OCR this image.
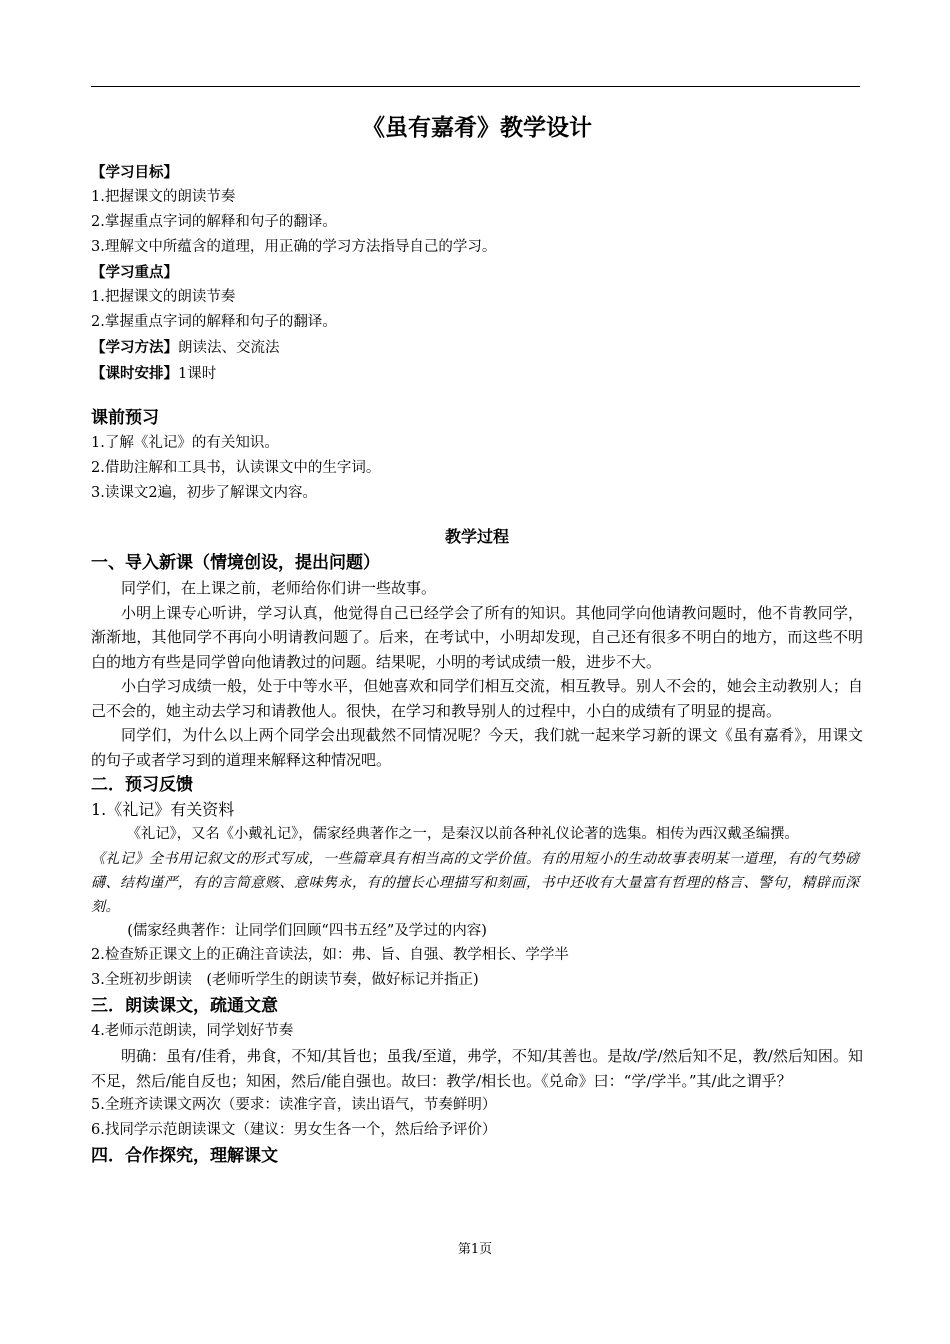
《虽有嘉肴》教学设计

【学习目标】

1.把握课文的朗读节奏

2.掌握重点字词的解释和句子的翻译。

3.理解文中所蕴含的道理，用正确的学习方法指导自己的学习。

【学习重点】

1.把握课文的朗读节奏

2.掌握重点字词的解释和句子的翻译。

【学习方法】朗读法、交流法

【课时安排】1课时

课前预习

1.了解《礼记》的有关知识。

2.借助注解和工具书，认读课文中的生字词。

3.读课文2遍，初步了解课文内容。

教学过程

一、导入新课（情境创设，提出问题）

同学们，在上课之前，老师给你们讲一些故事。

小明上课专心听讲，学习认真，他觉得自己已经学会了所有的知识。其他同学向他请教问题时，他不肯教同学，渐渐地，其他同学不再向小明请教问题了。后来，在考试中，小明却发现，自己还有很多不明白的地方，而这些不明白的地方有些是同学曾向他请教过的问题。结果呢，小明的考试成绩一般，进步不大。

小白学习成绩一般，处于中等水平，但她喜欢和同学们相互交流，相互教导。别人不会的，她会主动教别人；自己不会的，她主动去学习和请教他人。很快，在学习和教导别人的过程中，小白的成绩有了明显的提高。

同学们，为什么以上两个同学会出现截然不同情况呢？今天，我们就一起来学习新的课文《虽有嘉肴》，用课文的句子或者学习到的道理来解释这种情况吧。

二．预习反馈

1.《礼记》有关资料

《礼记》，又名《小戴礼记》，儒家经典著作之一，是秦汉以前各种礼仪论著的选集。相传为西汉戴圣编撰。

《礼记》全书用记叙文的形式写成，一些篇章具有相当高的文学价值。有的用短小的生动故事表明某一道理，有的气势磅礴、结构谨严，有的言简意赅、意味隽永，有的擅长心理描写和刻画，书中还收有大量富有哲理的格言、警句，精辟而深刻。

(儒家经典著作：让同学们回顾“四书五经”及学过的内容)

2.检查矫正课文上的正确注音读法，如：弗、旨、自强、教学相长、学学半

3.全班初步朗读　(老师听学生的朗读节奏，做好标记并指正)

三．朗读课文，疏通文意

4.老师示范朗读，同学划好节奏

明确：虽有/佳肴，弗食，不知/其旨也；虽我/至道，弗学，不知/其善也。是故/学/然后知不足，教/然后知困。知不足，然后/能自反也；知困，然后/能自强也。故曰：教学/相长也。《兑命》曰：“学/学半。”其/此之谓乎？

5.全班齐读课文两次（要求：读准字音，读出语气，节奏鲜明）

6.找同学示范朗读课文（建议：男女生各一个，然后给予评价）

四．合作探究，理解课文

第1页
